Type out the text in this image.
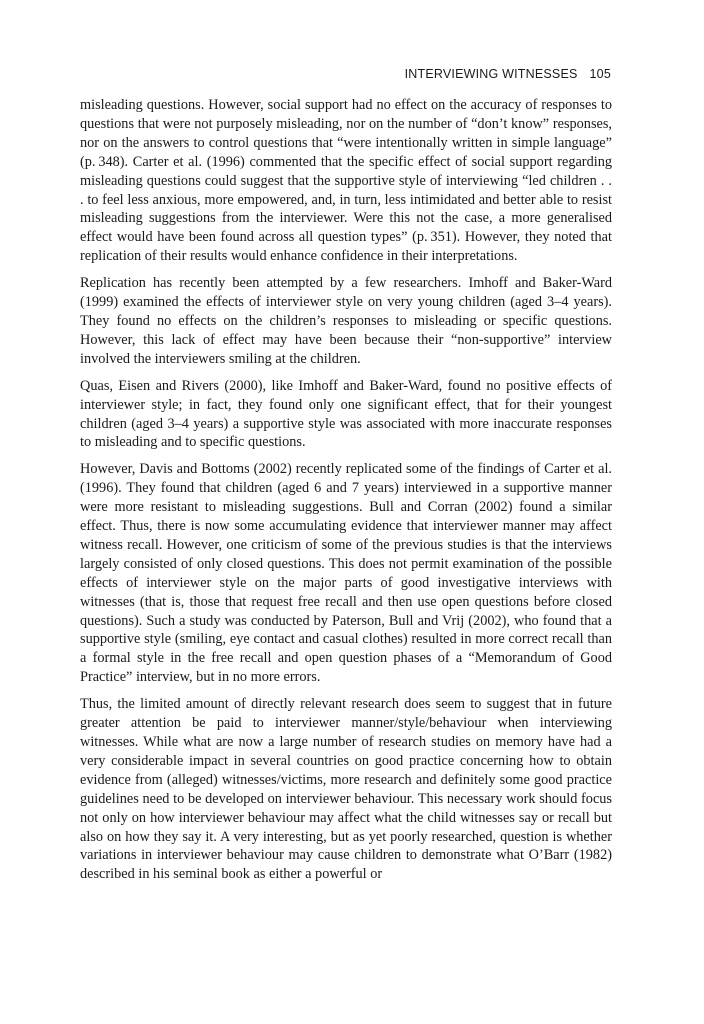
INTERVIEWING WITNESSES 105

misleading questions. However, social support had no effect on the accuracy of responses to questions that were not purposely misleading, nor on the number of “don’t know” responses, nor on the answers to control questions that “were intentionally written in simple language” (p. 348). Carter et al. (1996) commented that the specific effect of social support regarding misleading questions could suggest that the supportive style of interviewing “led children . . . to feel less anxious, more empowered, and, in turn, less intimidated and better able to resist misleading suggestions from the interviewer. Were this not the case, a more generalised effect would have been found across all question types” (p. 351). However, they noted that replication of their results would enhance confidence in their interpretations.

Replication has recently been attempted by a few researchers. Imhoff and Baker-Ward (1999) examined the effects of interviewer style on very young children (aged 3–4 years). They found no effects on the children’s responses to misleading or specific questions. However, this lack of effect may have been because their “non-supportive” interview involved the interviewers smiling at the children.

Quas, Eisen and Rivers (2000), like Imhoff and Baker-Ward, found no positive effects of interviewer style; in fact, they found only one significant effect, that for their youngest children (aged 3–4 years) a supportive style was associated with more inaccurate responses to misleading and to specific questions.

However, Davis and Bottoms (2002) recently replicated some of the findings of Carter et al. (1996). They found that children (aged 6 and 7 years) interviewed in a supportive manner were more resistant to misleading suggestions. Bull and Corran (2002) found a similar effect. Thus, there is now some accumulating evidence that interviewer manner may affect witness recall. However, one criticism of some of the previous studies is that the interviews largely consisted of only closed questions. This does not permit examination of the possible effects of interviewer style on the major parts of good investigative interviews with witnesses (that is, those that request free recall and then use open questions before closed questions). Such a study was conducted by Paterson, Bull and Vrij (2002), who found that a supportive style (smiling, eye contact and casual clothes) resulted in more correct recall than a formal style in the free recall and open question phases of a “Memorandum of Good Practice” interview, but in no more errors.

Thus, the limited amount of directly relevant research does seem to suggest that in future greater attention be paid to interviewer manner/style/behaviour when interviewing witnesses. While what are now a large number of research studies on memory have had a very considerable impact in several countries on good practice concerning how to obtain evidence from (alleged) witnesses/victims, more research and definitely some good practice guidelines need to be developed on interviewer behaviour. This necessary work should focus not only on how interviewer behaviour may affect what the child witnesses say or recall but also on how they say it. A very interesting, but as yet poorly researched, question is whether variations in interviewer behaviour may cause children to demonstrate what O’Barr (1982) described in his seminal book as either a powerful or
